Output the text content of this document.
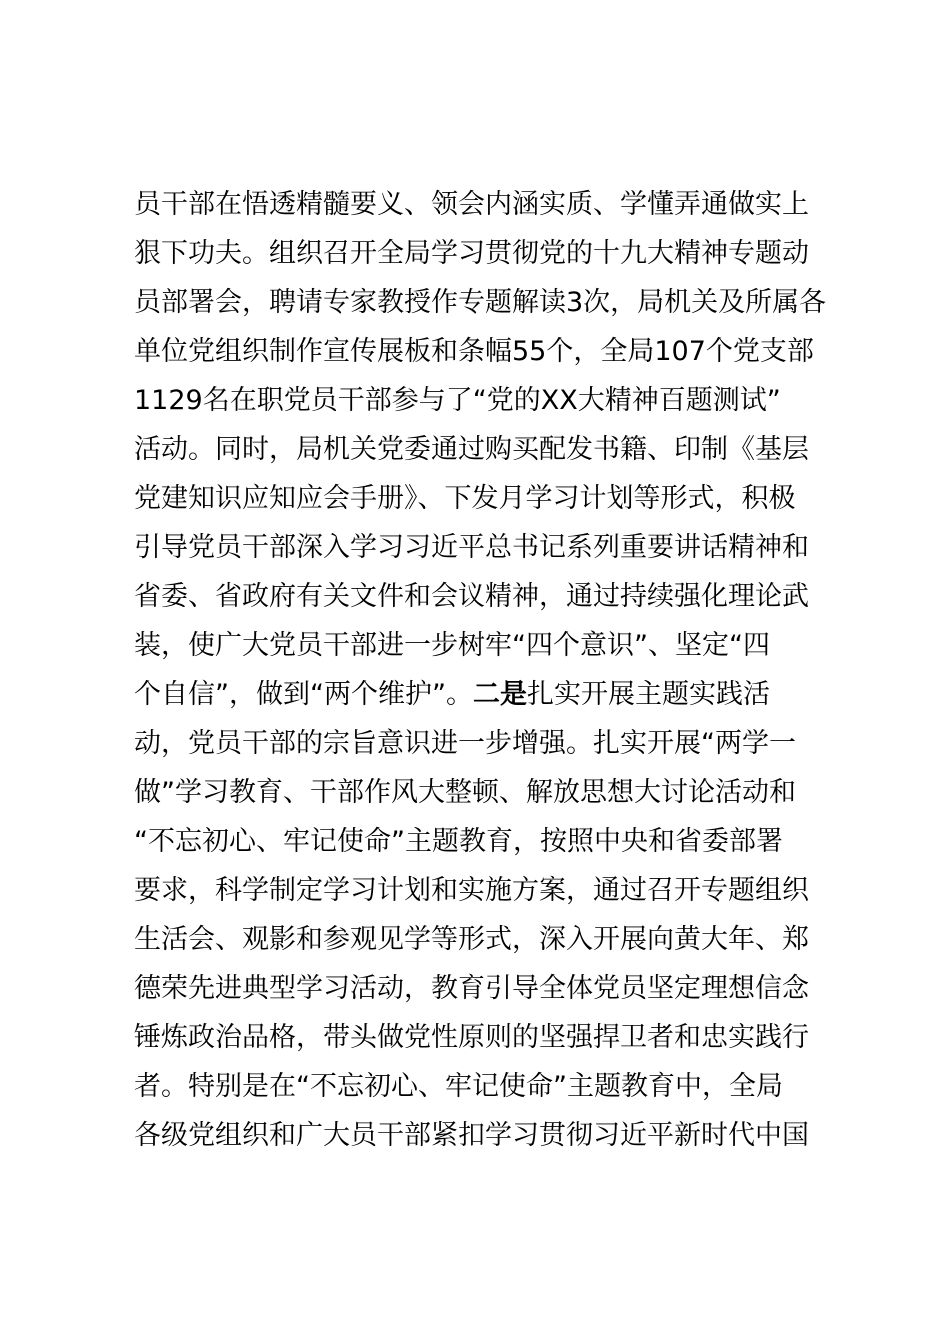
员干部在悟透精髓要义、领会内涵实质、学懂弄通做实上
狠下功夫。组织召开全局学习贯彻党的十九大精神专题动
员部署会，聘请专家教授作专题解读3次，局机关及所属各
单位党组织制作宣传展板和条幅55个，全局107个党支部
1129名在职党员干部参与了“党的XX大精神百题测试”
活动。同时，局机关党委通过购买配发书籍、印制《基层
党建知识应知应会手册》、下发月学习计划等形式，积极
引导党员干部深入学习习近平总书记系列重要讲话精神和
省委、省政府有关文件和会议精神，通过持续强化理论武
装，使广大党员干部进一步树牢“四个意识”、坚定“四
个自信”，做到“两个维护”。二是扎实开展主题实践活
动，党员干部的宗旨意识进一步增强。扎实开展“两学一
做”学习教育、干部作风大整顿、解放思想大讨论活动和
“不忘初心、牢记使命”主题教育，按照中央和省委部署
要求，科学制定学习计划和实施方案，通过召开专题组织
生活会、观影和参观见学等形式，深入开展向黄大年、郑
德荣先进典型学习活动，教育引导全体党员坚定理想信念
锤炼政治品格，带头做党性原则的坚强捍卫者和忠实践行
者。特别是在“不忘初心、牢记使命”主题教育中，全局
各级党组织和广大员干部紧扣学习贯彻习近平新时代中国
